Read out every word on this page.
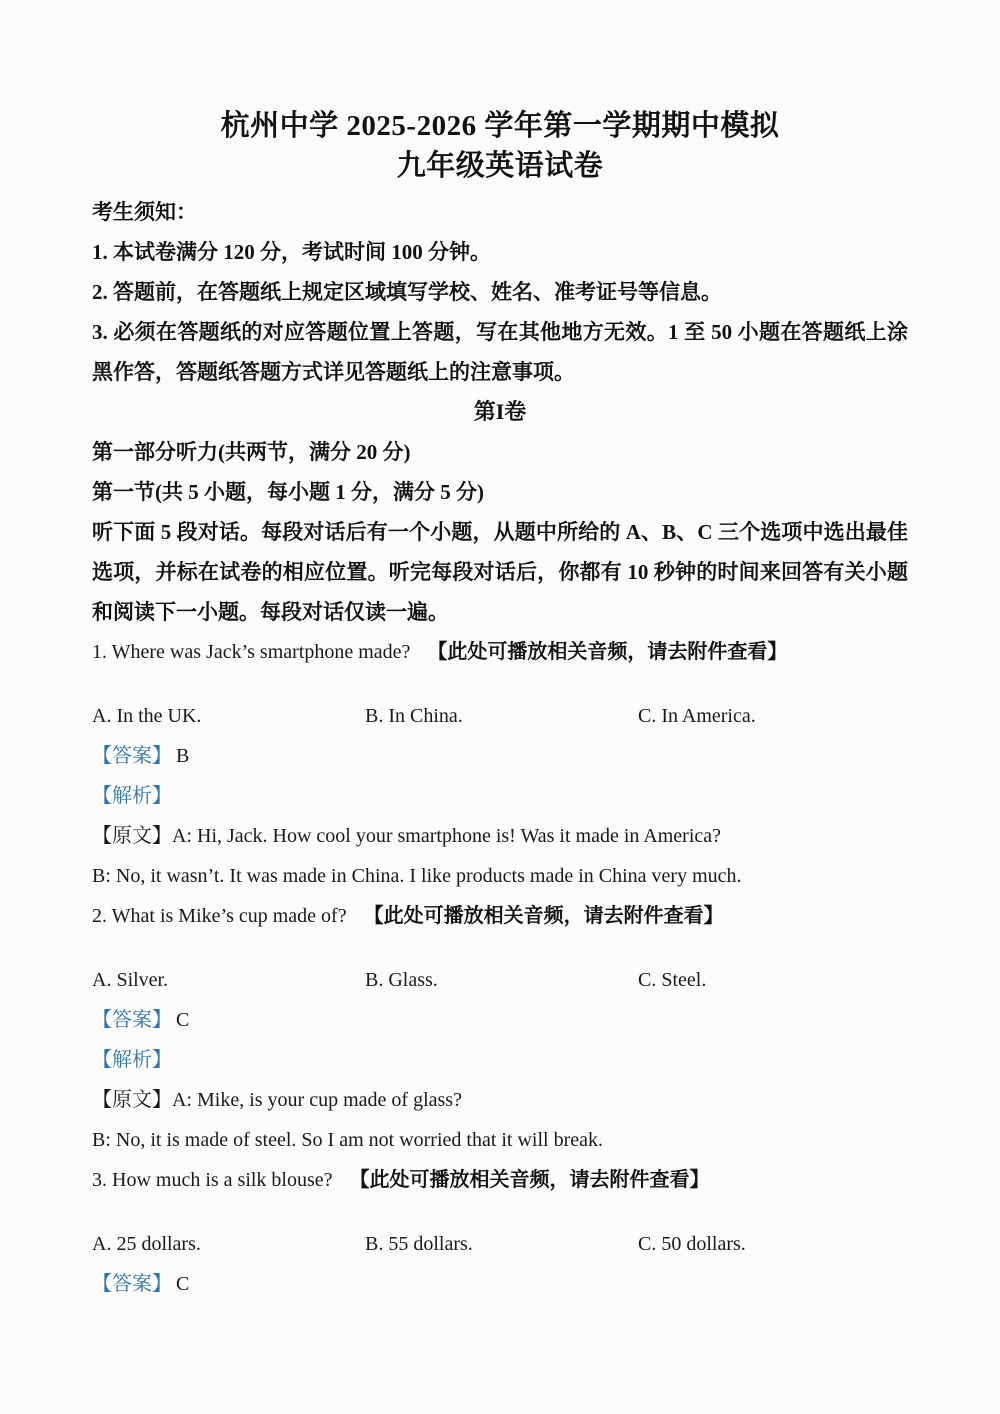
杭州中学 2025-2026 学年第一学期期中模拟
九年级英语试卷
考生须知：
1. 本试卷满分 120 分，考试时间 100 分钟。
2. 答题前，在答题纸上规定区域填写学校、姓名、准考证号等信息。
3. 必须在答题纸的对应答题位置上答题，写在其他地方无效。1 至 50 小题在答题纸上涂黑作答，答题纸答题方式详见答题纸上的注意事项。
第I卷
第一部分听力(共两节，满分 20 分)
第一节(共 5 小题，每小题 1 分，满分 5 分)
听下面 5 段对话。每段对话后有一个小题，从题中所给的 A、B、C 三个选项中选出最佳选项，并标在试卷的相应位置。听完每段对话后，你都有 10 秒钟的时间来回答有关小题和阅读下一小题。每段对话仅读一遍。
1. Where was Jack’s smartphone made? 【此处可播放相关音频，请去附件查看】
A. In the UK.	B. In China.	C. In America.
【答案】 B
【解析】
【原文】A: Hi, Jack. How cool your smartphone is! Was it made in America?
B: No, it wasn’t. It was made in China. I like products made in China very much.
2. What is Mike’s cup made of? 【此处可播放相关音频，请去附件查看】
A. Silver.	B. Glass.	C. Steel.
【答案】 C
【解析】
【原文】A: Mike, is your cup made of glass?
B: No, it is made of steel. So I am not worried that it will break.
3. How much is a silk blouse? 【此处可播放相关音频，请去附件查看】
A. 25 dollars.	B. 55 dollars.	C. 50 dollars.
【答案】 C
